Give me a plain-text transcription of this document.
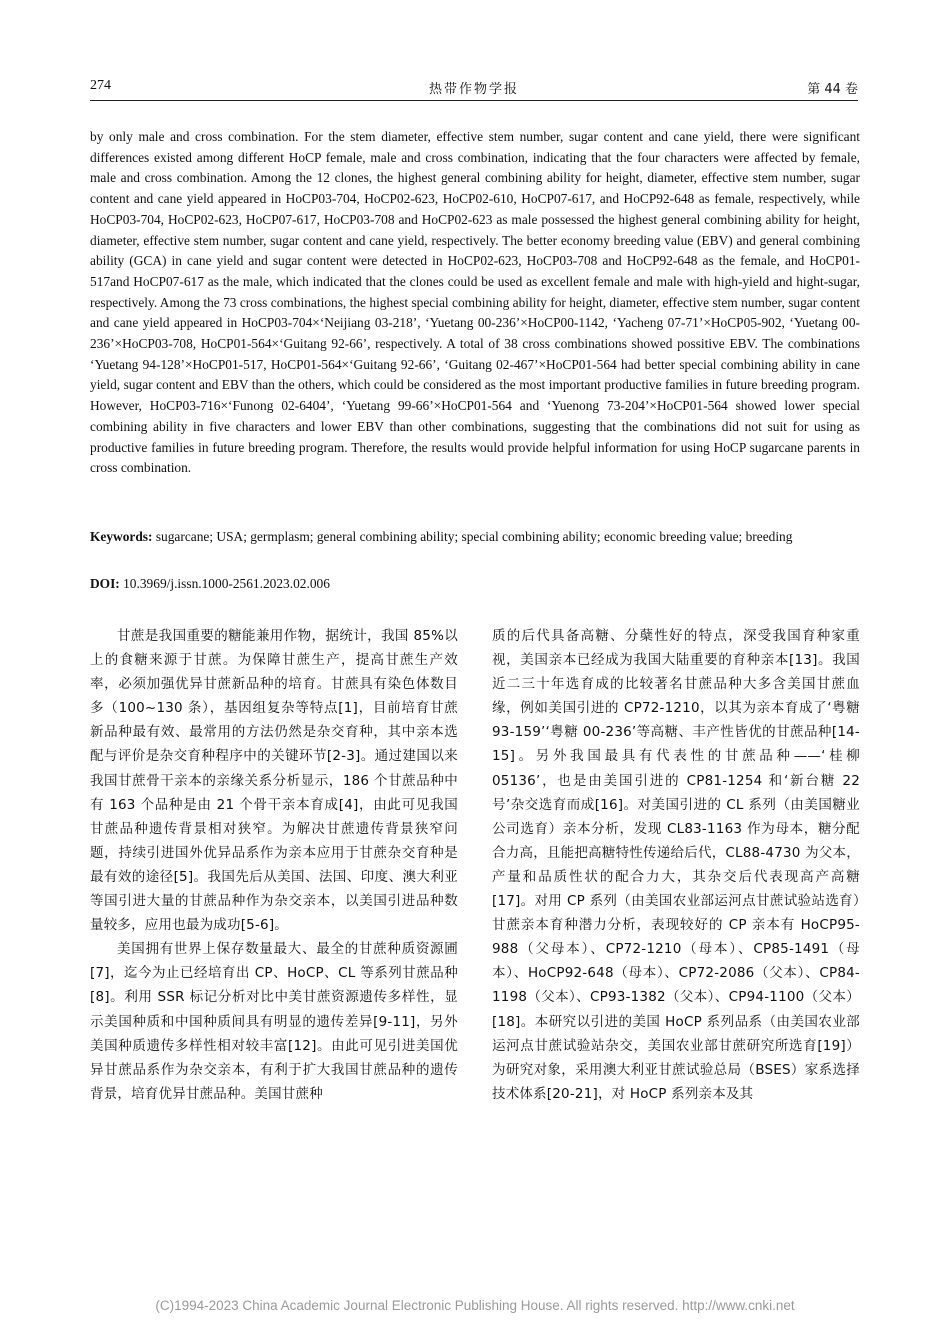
274	热带作物学报	第 44 卷

by only male and cross combination. For the stem diameter, effective stem number, sugar content and cane yield, there were significant differences existed among different HoCP female, male and cross combination, indicating that the four characters were affected by female, male and cross combination. Among the 12 clones, the highest general combining ability for height, diameter, effective stem number, sugar content and cane yield appeared in HoCP03-704, HoCP02-623, HoCP02-610, HoCP07-617, and HoCP92-648 as female, respectively, while HoCP03-704, HoCP02-623, HoCP07-617, HoCP03-708 and HoCP02-623 as male possessed the highest general combining ability for height, diameter, effective stem number, sugar content and cane yield, respectively. The better economy breeding value (EBV) and general combining ability (GCA) in cane yield and sugar content were detected in HoCP02-623, HoCP03-708 and HoCP92-648 as the female, and HoCP01-517and HoCP07-617 as the male, which indicated that the clones could be used as excellent female and male with high-yield and hight-sugar, respectively. Among the 73 cross combinations, the highest special combining ability for height, diameter, effective stem number, sugar content and cane yield appeared in HoCP03-704×‘Neijiang 03-218’, ‘Yuetang 00-236’×HoCP00-1142, ‘Yacheng 07-71’×HoCP05-902, ‘Yuetang 00-236’×HoCP03-708, HoCP01-564×‘Guitang 92-66’, respectively. A total of 38 cross combinations showed possitive EBV. The combinations ‘Yuetang 94-128’×HoCP01-517, HoCP01-564×‘Guitang 92-66’, ‘Guitang 02-467’×HoCP01-564 had better special combining ability in cane yield, sugar content and EBV than the others, which could be considered as the most important productive families in future breeding program. However, HoCP03-716×‘Funong 02-6404’, ‘Yuetang 99-66’×HoCP01-564 and ‘Yuenong 73-204’×HoCP01-564 showed lower special combining ability in five characters and lower EBV than other combinations, suggesting that the combinations did not suit for using as productive families in future breeding program. Therefore, the results would provide helpful information for using HoCP sugarcane parents in cross combination.

Keywords: sugarcane; USA; germplasm; general combining ability; special combining ability; economic breeding value; breeding

DOI: 10.3969/j.issn.1000-2561.2023.02.006

甘蔗是我国重要的糖能兼用作物，据统计，我国 85%以上的食糖来源于甘蔗。为保障甘蔗生产，提高甘蔗生产效率，必须加强优异甘蔗新品种的培育。甘蔗具有染色体数目多（100~130 条），基因组复杂等特点[1]，目前培育甘蔗新品种最有效、最常用的方法仍然是杂交育种，其中亲本选配与评价是杂交育种程序中的关键环节[2-3]。通过建国以来我国甘蔗骨干亲本的亲缘关系分析显示，186 个甘蔗品种中有 163 个品种是由 21 个骨干亲本育成[4]，由此可见我国甘蔗品种遗传背景相对狭窄。为解决甘蔗遗传背景狭窄问题，持续引进国外优异品系作为亲本应用于甘蔗杂交育种是最有效的途径[5]。我国先后从美国、法国、印度、澳大利亚等国引进大量的甘蔗品种作为杂交亲本，以美国引进品种数量较多，应用也最为成功[5-6]。

美国拥有世界上保存数量最大、最全的甘蔗种质资源圃[7]，迄今为止已经培育出 CP、HoCP、CL 等系列甘蔗品种[8]。利用 SSR 标记分析对比中美甘蔗资源遗传多样性，显示美国种质和中国种质间具有明显的遗传差异[9-11]，另外美国种质遗传多样性相对较丰富[12]。由此可见引进美国优异甘蔗品系作为杂交亲本，有利于扩大我国甘蔗品种的遗传背景，培育优异甘蔗品种。美国甘蔗种

质的后代具备高糖、分蘖性好的特点，深受我国育种家重视，美国亲本已经成为我国大陆重要的育种亲本[13]。我国近二三十年选育成的比较著名甘蔗品种大多含美国甘蔗血缘，例如美国引进的 CP72-1210，以其为亲本育成了‘粤糖 93-159’‘粤糖 00-236’等高糖、丰产性皆优的甘蔗品种[14-15]。另外我国最具有代表性的甘蔗品种——‘桂柳 05136’，也是由美国引进的 CP81-1254 和‘新台糖 22 号’杂交选育而成[16]。对美国引进的 CL 系列（由美国糖业公司选育）亲本分析，发现 CL83-1163 作为母本，糖分配合力高，且能把高糖特性传递给后代，CL88-4730 为父本，产量和品质性状的配合力大，其杂交后代表现高产高糖[17]。对用 CP 系列（由美国农业部运河点甘蔗试验站选育）甘蔗亲本育种潜力分析，表现较好的 CP 亲本有 HoCP95-988（父母本）、CP72-1210（母本）、CP85-1491（母本）、HoCP92-648（母本）、CP72-2086（父本）、CP84-1198（父本）、CP93-1382（父本）、CP94-1100（父本）[18]。本研究以引进的美国 HoCP 系列品系（由美国农业部运河点甘蔗试验站杂交，美国农业部甘蔗研究所选育[19]）为研究对象，采用澳大利亚甘蔗试验总局（BSES）家系选择技术体系[20-21]，对 HoCP 系列亲本及其

(C)1994-2023 China Academic Journal Electronic Publishing House. All rights reserved. http://www.cnki.net
